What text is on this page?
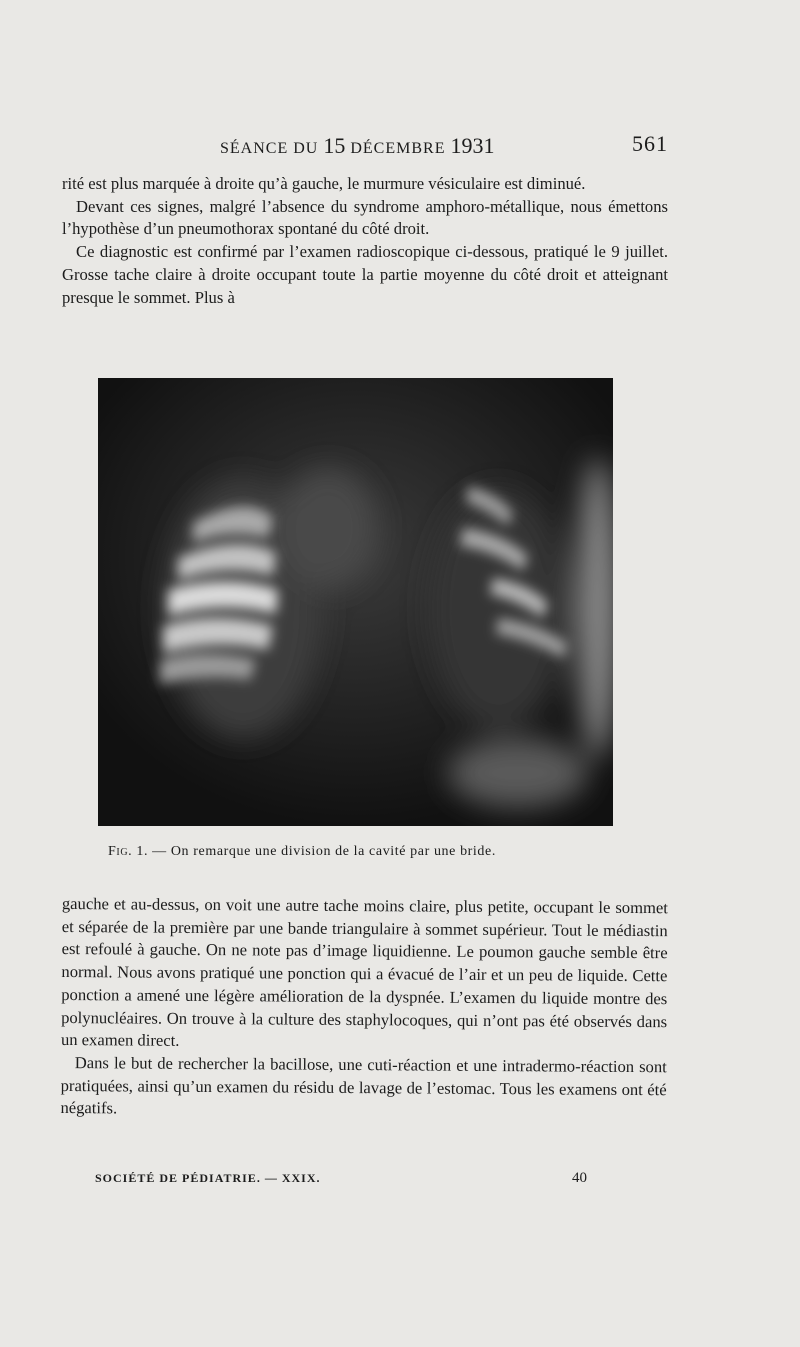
SÉANCE DU 15 DÉCEMBRE 1931	561

rité est plus marquée à droite qu’à gauche, le murmure vésiculaire est diminué.

Devant ces signes, malgré l’absence du syndrome amphoro-métallique, nous émettons l’hypothèse d’un pneumothorax spontané du côté droit.

Ce diagnostic est confirmé par l’examen radioscopique ci-dessous, pratiqué le 9 juillet. Grosse tache claire à droite occupant toute la partie moyenne du côté droit et atteignant presque le sommet. Plus à

Fig. 1. — On remarque une division de la cavité par une bride.

gauche et au-dessus, on voit une autre tache moins claire, plus petite, occupant le sommet et séparée de la première par une bande triangulaire à sommet supérieur. Tout le médiastin est refoulé à gauche. On ne note pas d’image liquidienne. Le poumon gauche semble être normal. Nous avons pratiqué une ponction qui a évacué de l’air et un peu de liquide. Cette ponction a amené une légère amélioration de la dyspnée. L’examen du liquide montre des polynucléaires. On trouve à la culture des staphylocoques, qui n’ont pas été observés dans un examen direct.

Dans le but de rechercher la bacillose, une cuti-réaction et une intradermo-réaction sont pratiquées, ainsi qu’un examen du résidu de lavage de l’estomac. Tous les examens ont été négatifs.

SOCIÉTÉ DE PÉDIATRIE. — XXIX.	40
